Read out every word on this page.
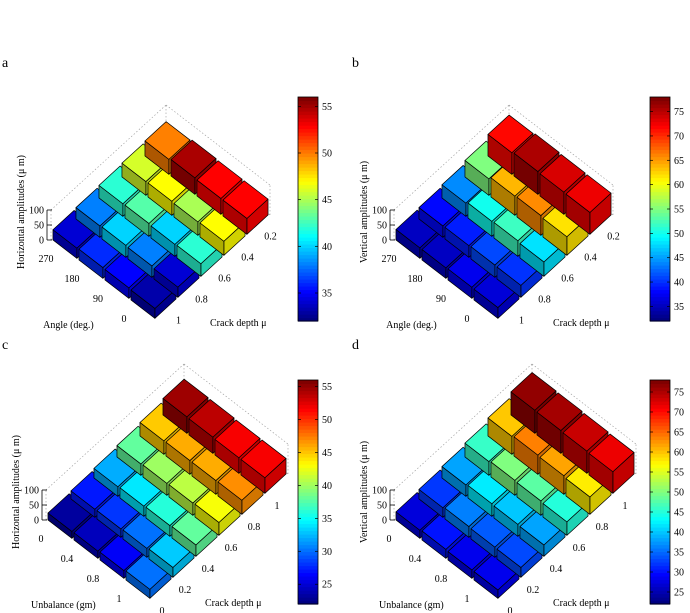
a
0
50
100
Horizontal amplitudes (μ m) 270
180
90
0
Angle (deg.)	1
0.8
0.6
0.4
0.2
Crack depth μ
55
50
45
40
35
b
0
50
100
Vertical amplitudes (μ m) 270
180
90
0
Angle (deg.)	1
0.8
0.6
0.4
0.2
Crack depth μ
75
70
65
60
55
50
45
40
35
c
0
50
100
Horizontal amplitudes (μ m) 0
0.4
0.8
1
Unbalance (gm)
0
0.2
0.4
0.6
0.8
1
Crack depth μ
55
50
45
40
35
30
25
d
0
50
100
Vertical amplitudes (μ m) 0
0.4
0.8
1
Unbalance (gm)
0
0.2
0.4
0.6
0.8
1
Crack depth μ
75
70
65
60
55
50
45
40
35
30
25
